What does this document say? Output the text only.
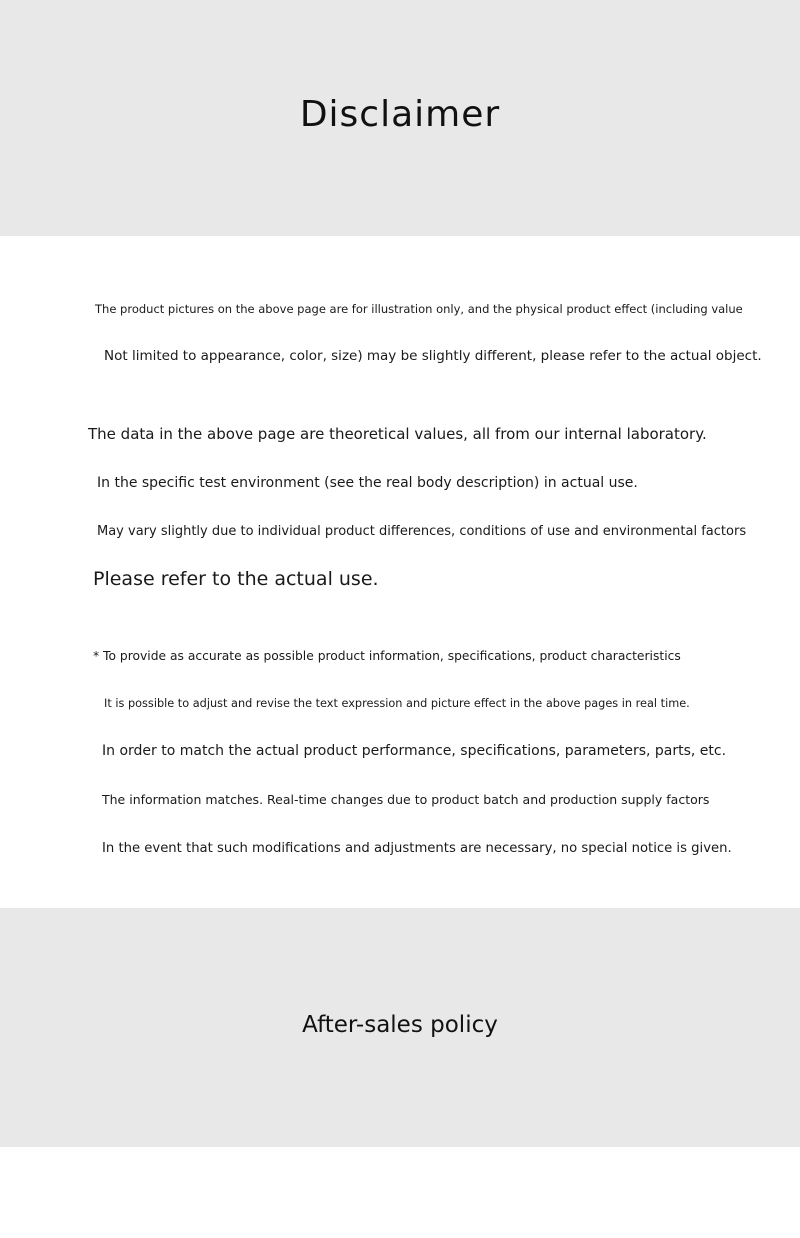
Disclaimer
The product pictures on the above page are for illustration only, and the physical product effect (including value
Not limited to appearance, color, size) may be slightly different, please refer to the actual object.
The data in the above page are theoretical values, all from our internal laboratory.
In the specific test environment (see the real body description) in actual use.
May vary slightly due to individual product differences, conditions of use and environmental factors
Please refer to the actual use.
* To provide as accurate as possible product information, specifications, product characteristics
It is possible to adjust and revise the text expression and picture effect in the above pages in real time.
In order to match the actual product performance, specifications, parameters, parts, etc.
The information matches. Real-time changes due to product batch and production supply factors
In the event that such modifications and adjustments are necessary, no special notice is given.
After-sales policy
